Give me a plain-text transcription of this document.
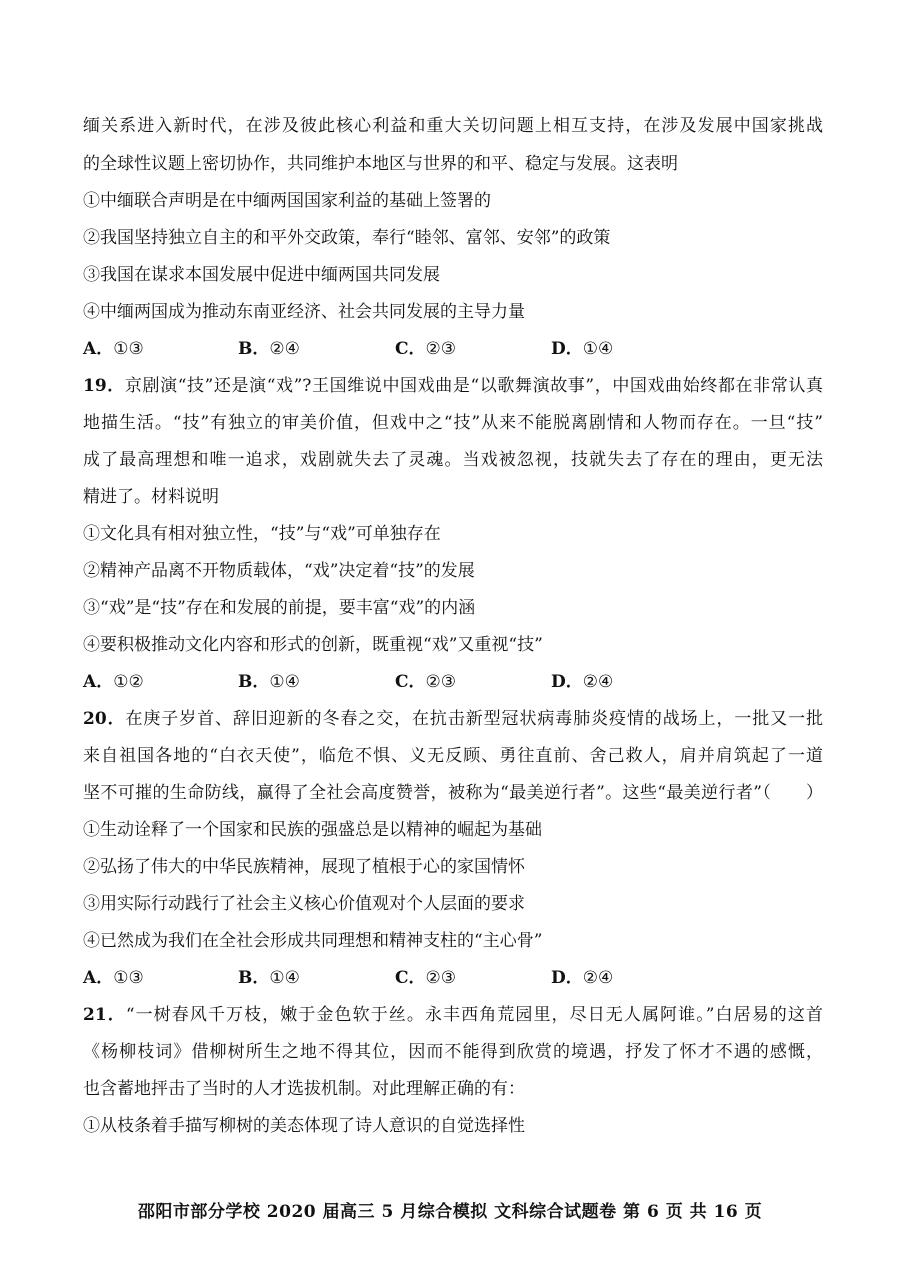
缅关系进入新时代，在涉及彼此核心利益和重大关切问题上相互支持，在涉及发展中国家挑战
的全球性议题上密切协作，共同维护本地区与世界的和平、稳定与发展。这表明
①中缅联合声明是在中缅两国国家利益的基础上签署的
②我国坚持独立自主的和平外交政策，奉行“睦邻、富邻、安邻”的政策
③我国在谋求本国发展中促进中缅两国共同发展
④中缅两国成为推动东南亚经济、社会共同发展的主导力量
A．①③	B．②④	C．②③	D．①④
19．京剧演“技”还是演“戏”?王国维说中国戏曲是“以歌舞演故事”，中国戏曲始终都在非常认真
地描生活。“技”有独立的审美价值，但戏中之“技”从来不能脱离剧情和人物而存在。一旦“技”
成了最高理想和唯一追求，戏剧就失去了灵魂。当戏被忽视，技就失去了存在的理由，更无法
精进了。材料说明
①文化具有相对独立性，“技”与“戏”可单独存在
②精神产品离不开物质载体，“戏”决定着“技”的发展
③“戏”是“技”存在和发展的前提，要丰富“戏”的内涵
④要积极推动文化内容和形式的创新，既重视“戏”又重视“技”
A．①②	B．①④	C．②③	D．②④
20．在庚子岁首、辞旧迎新的冬春之交，在抗击新型冠状病毒肺炎疫情的战场上，一批又一批
来自祖国各地的“白衣天使”，临危不惧、义无反顾、勇往直前、舍己救人，肩并肩筑起了一道
坚不可摧的生命防线，赢得了全社会高度赞誉，被称为“最美逆行者”。这些“最美逆行者”（　　）
①生动诠释了一个国家和民族的强盛总是以精神的崛起为基础
②弘扬了伟大的中华民族精神，展现了植根于心的家国情怀
③用实际行动践行了社会主义核心价值观对个人层面的要求
④已然成为我们在全社会形成共同理想和精神支柱的“主心骨”
A．①③	B．①④	C．②③	D．②④
21．“一树春风千万枝，嫩于金色软于丝。永丰西角荒园里，尽日无人属阿谁。”白居易的这首
《杨柳枝词》借柳树所生之地不得其位，因而不能得到欣赏的境遇，抒发了怀才不遇的感慨，
也含蓄地抨击了当时的人才选拔机制。对此理解正确的有：
①从枝条着手描写柳树的美态体现了诗人意识的自觉选择性
邵阳市部分学校 2020 届高三 5 月综合模拟 文科综合试题卷 第 6 页 共 16 页
